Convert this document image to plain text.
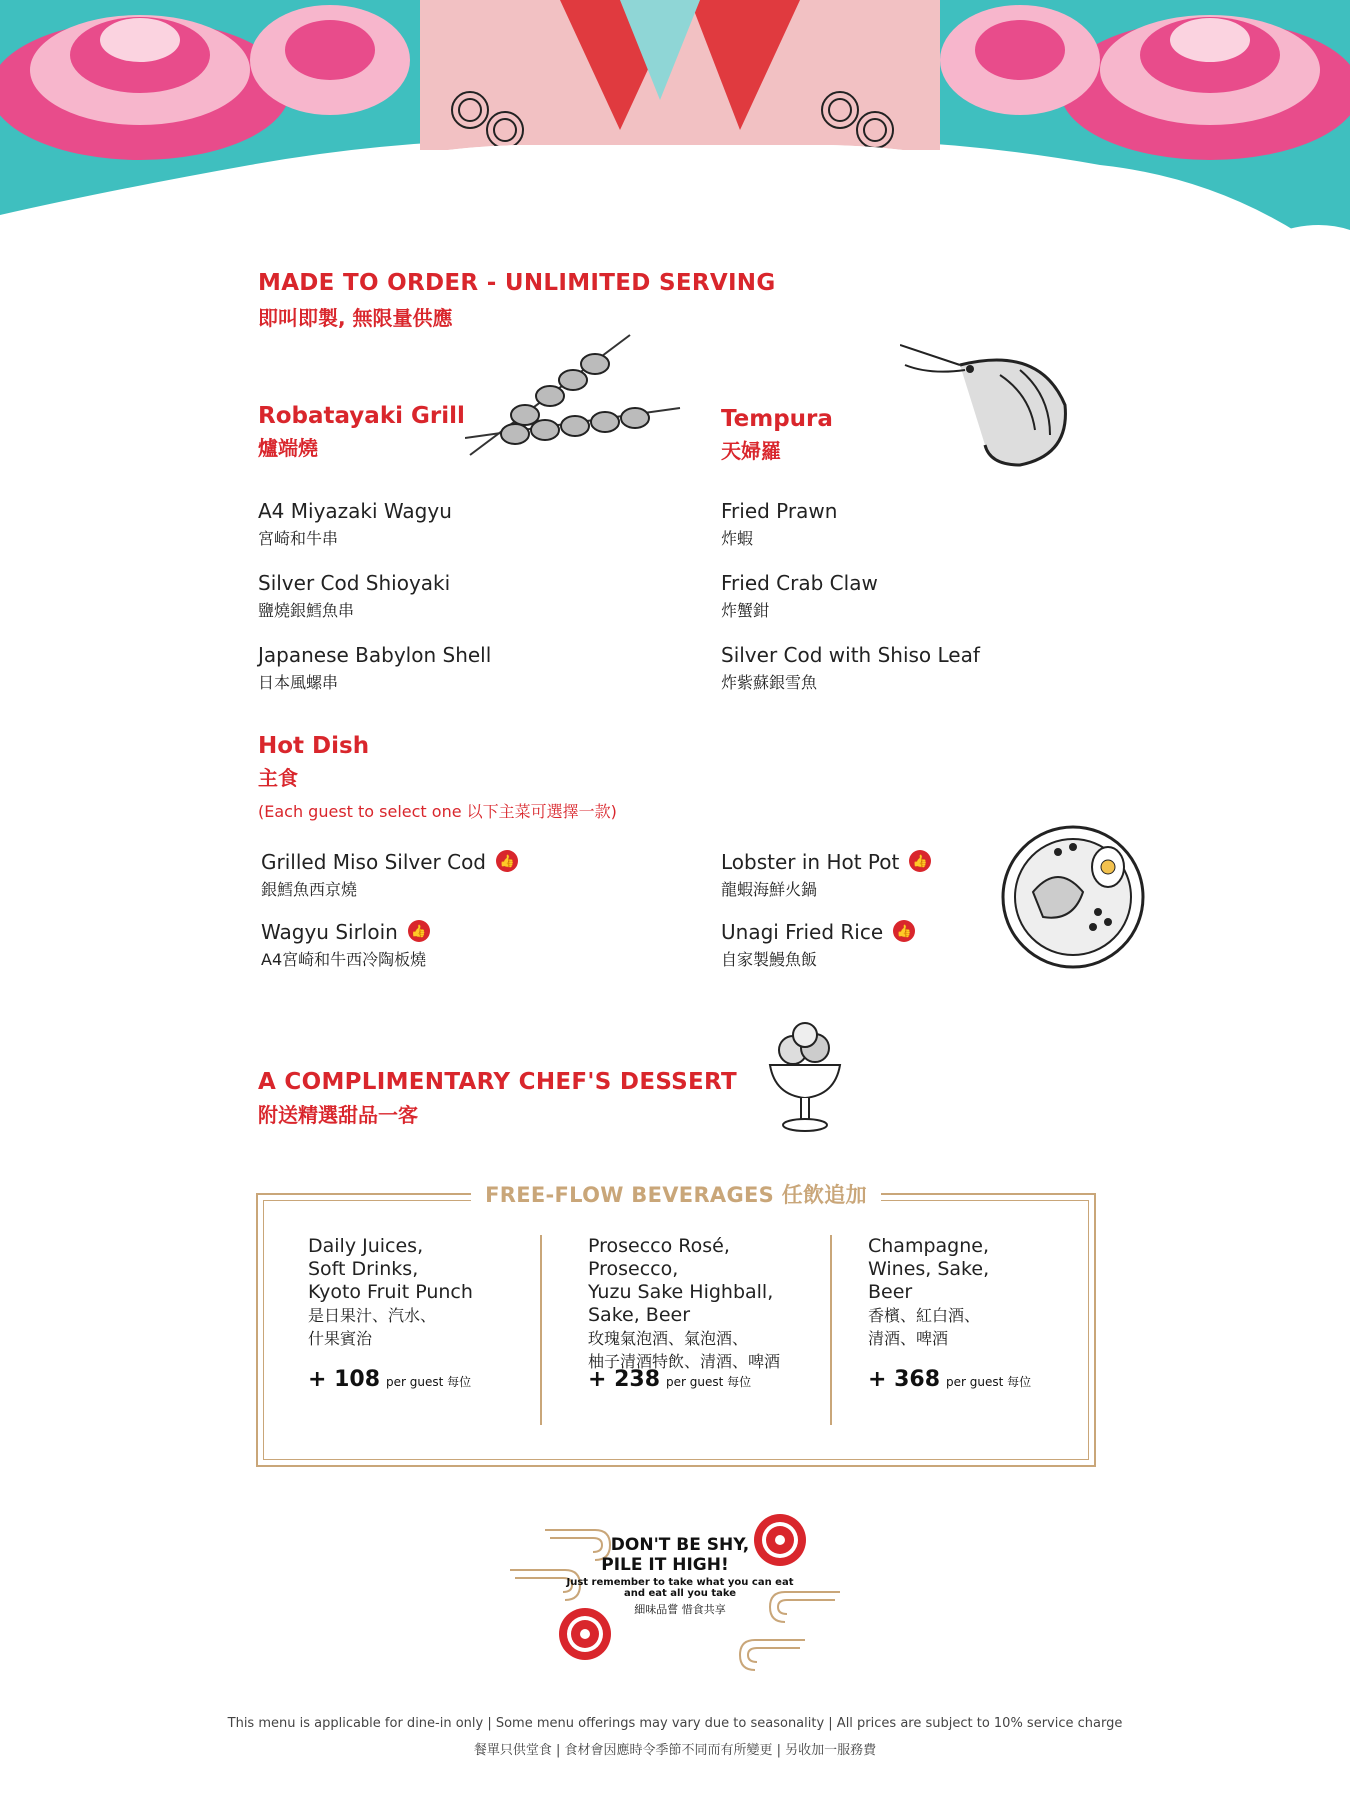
MADE TO ORDER - UNLIMITED SERVING
即叫即製, 無限量供應
Robatayaki Grill
爐端燒
A4 Miyazaki Wagyu
宮崎和牛串
Silver Cod Shioyaki
鹽燒銀鱈魚串
Japanese Babylon Shell
日本風螺串
Tempura
天婦羅
Fried Prawn
炸蝦
Fried Crab Claw
炸蟹鉗
Silver Cod with Shiso Leaf
炸紫蘇銀雪魚
Hot Dish
主食
(Each guest to select one 以下主菜可選擇一款)
Grilled Miso Silver Cod 👍
銀鱈魚西京燒
Wagyu Sirloin 👍
A4宮崎和牛西冷陶板燒
Lobster in Hot Pot 👍
龍蝦海鮮火鍋
Unagi Fried Rice 👍
自家製鰻魚飯
A COMPLIMENTARY CHEF'S DESSERT
附送精選甜品一客
FREE-FLOW BEVERAGES 任飲追加
Daily Juices,
Soft Drinks,
Kyoto Fruit Punch
是日果汁、汽水、
什果賓治
+ 108 per guest 每位
Prosecco Rosé,
Prosecco,
Yuzu Sake Highball,
Sake, Beer
玫瑰氣泡酒、氣泡酒、
柚子清酒特飲、清酒、啤酒
+ 238 per guest 每位
Champagne,
Wines, Sake,
Beer
香檳、紅白酒、
清酒、啤酒
+ 368 per guest 每位
DON'T BE SHY,
PILE IT HIGH!
Just remember to take what you can eat
and eat all you take
細味品嘗 惜食共享
This menu is applicable for dine-in only | Some menu offerings may vary due to seasonality | All prices are subject to 10% service charge
餐單只供堂食 | 食材會因應時令季節不同而有所變更 | 另收加一服務費
